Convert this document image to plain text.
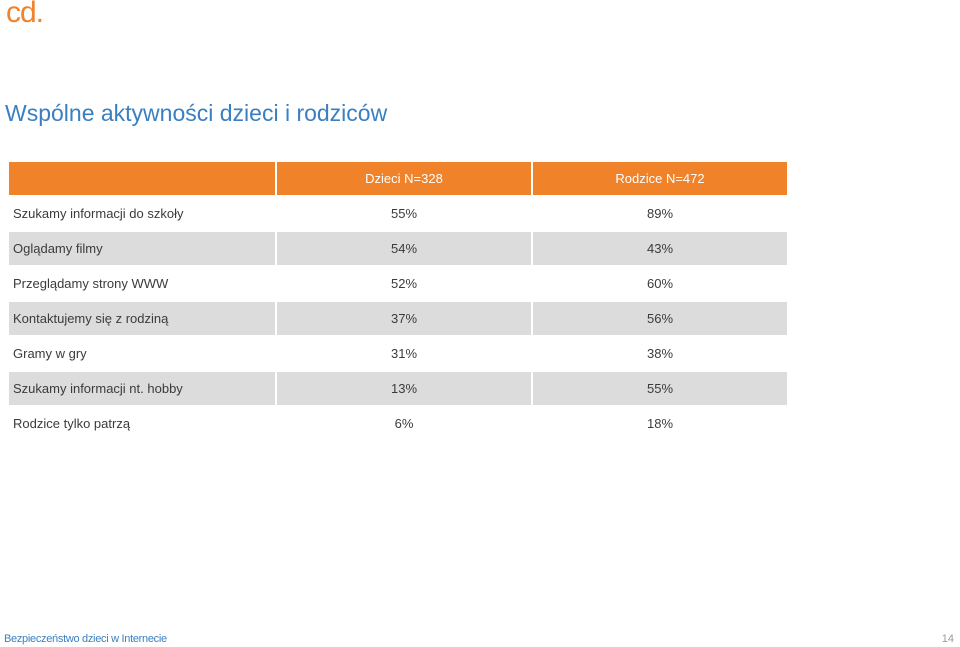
cd.
Wspólne aktywności dzieci i rodziców
	Dzieci N=328	Rodzice N=472
Szukamy informacji do szkoły	55%	89%
Oglądamy filmy	54%	43%
Przeglądamy strony WWW	52%	60%
Kontaktujemy się z rodziną	37%	56%
Gramy w gry	31%	38%
Szukamy informacji nt. hobby	13%	55%
Rodzice tylko patrzą	6%	18%
Bezpieczeństwo dzieci w Internecie	14
